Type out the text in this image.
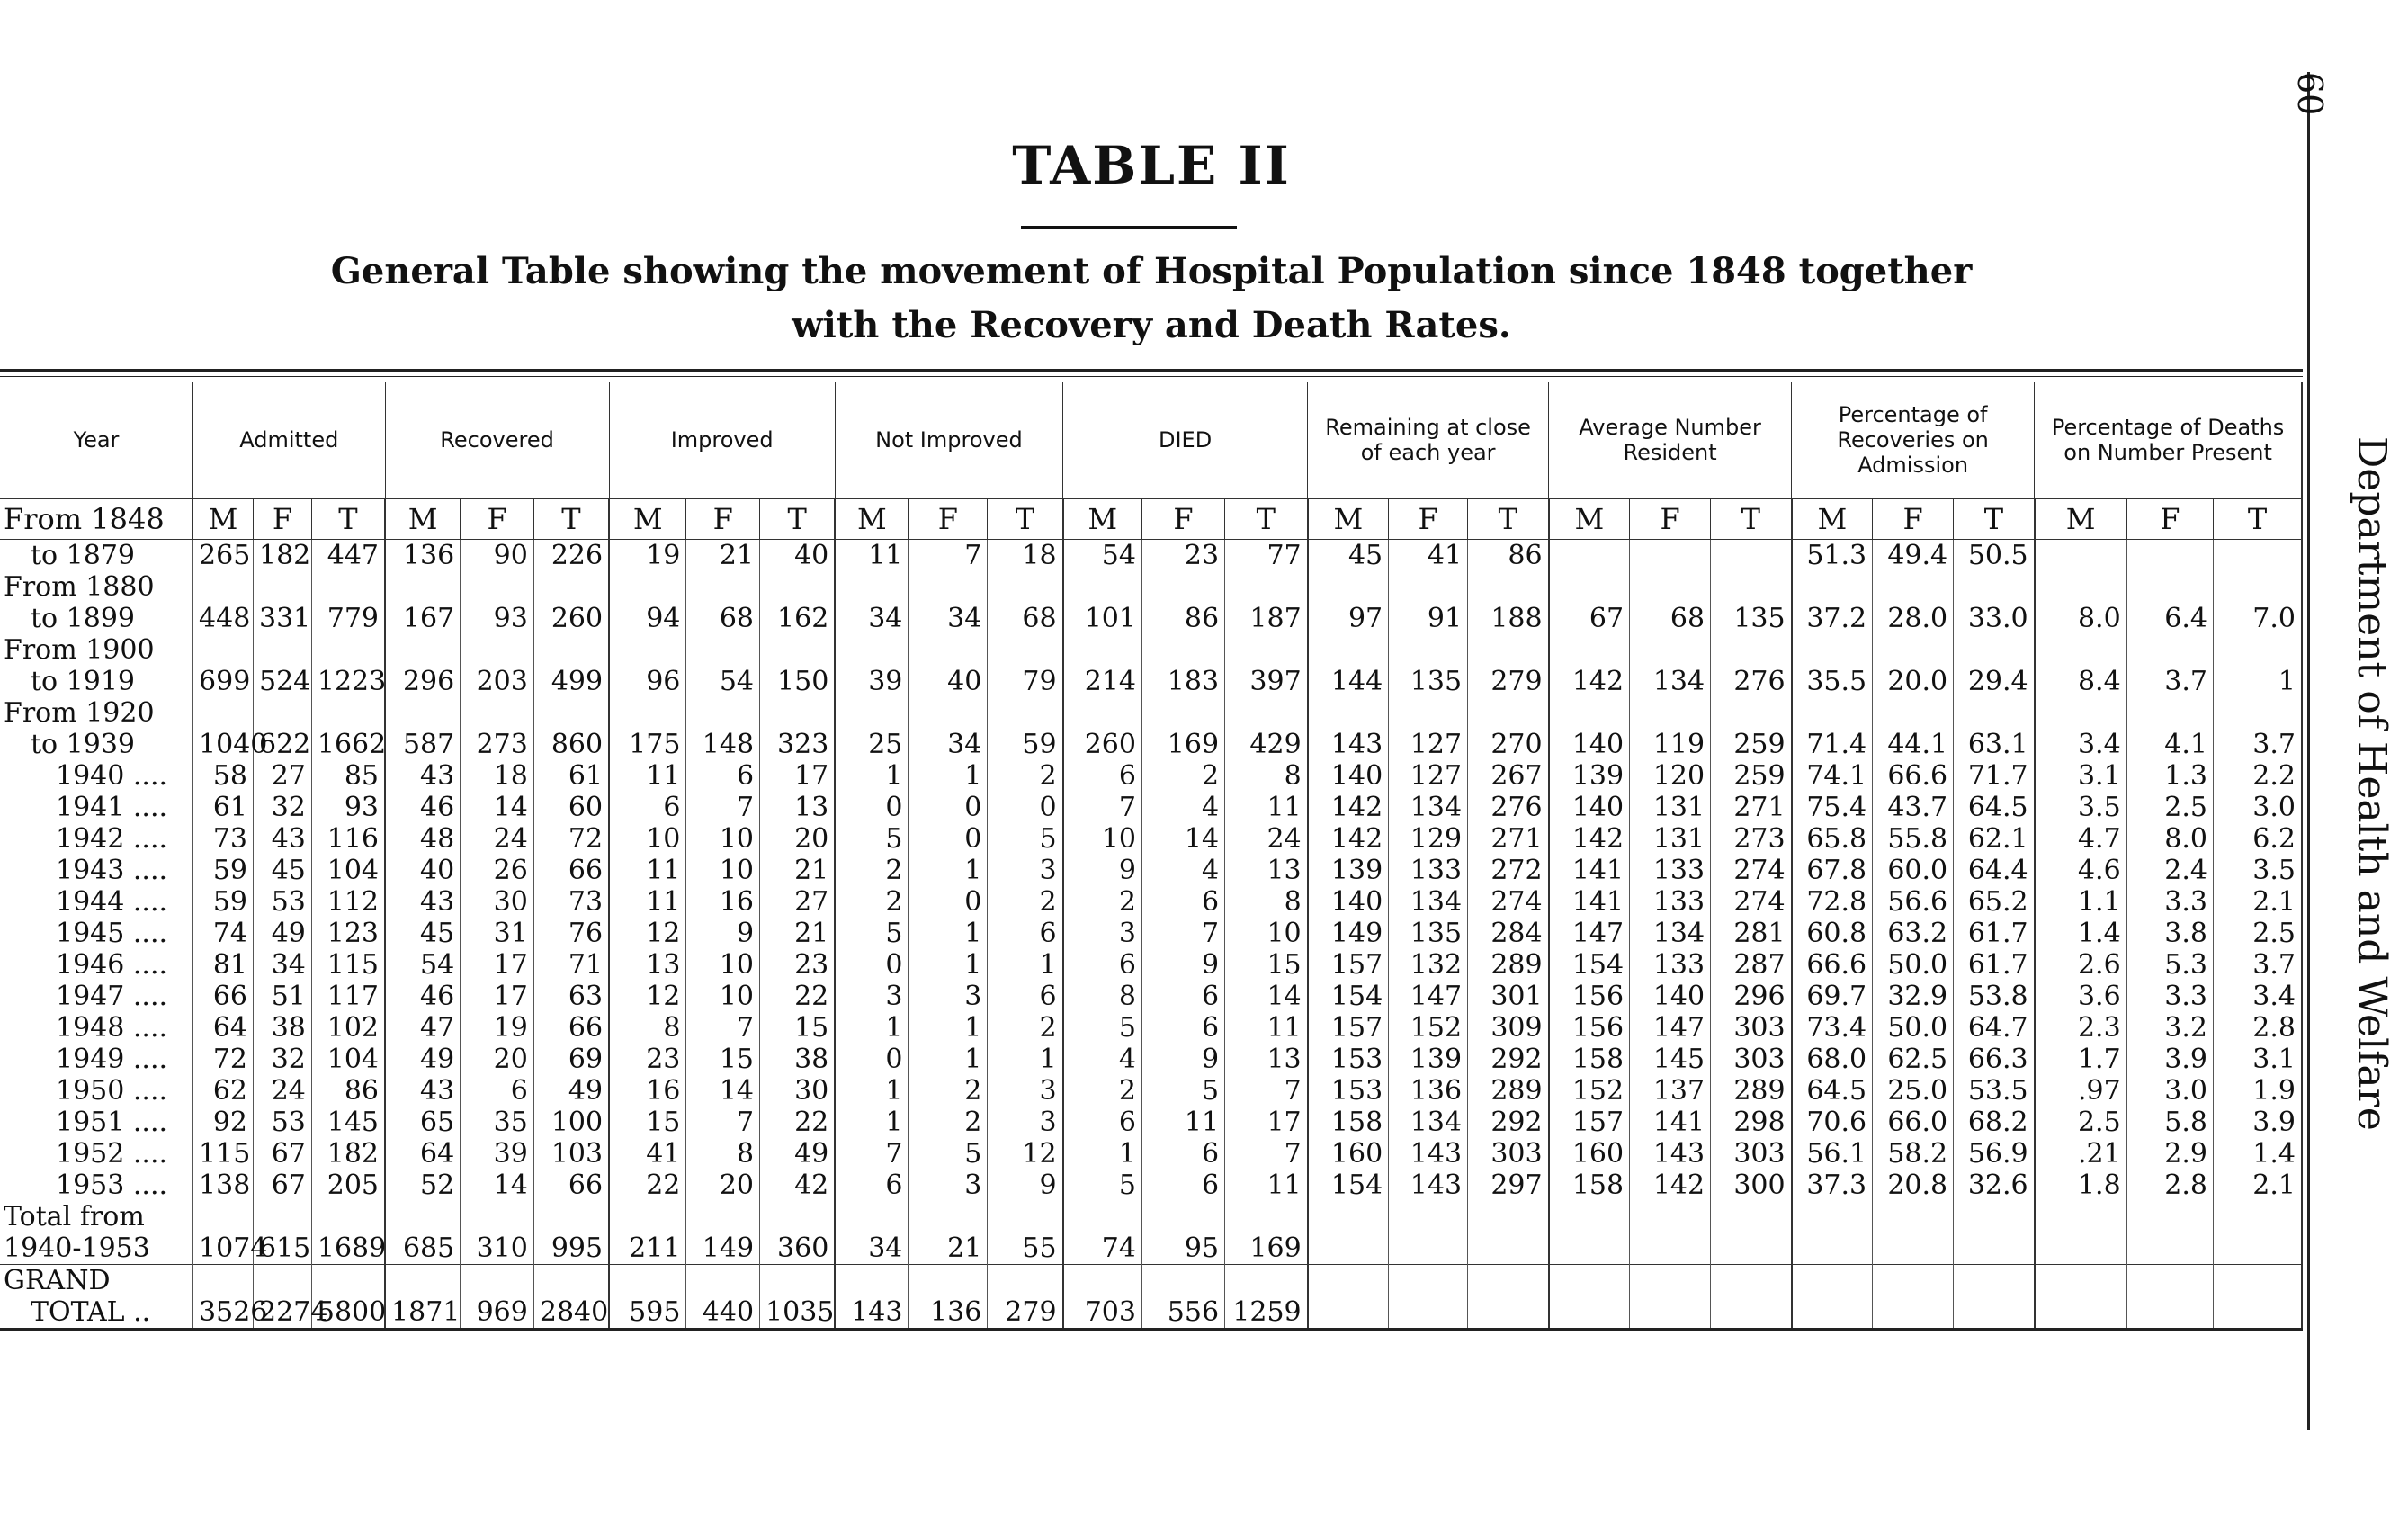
TABLE II
General Table showing the movement of Hospital Population since 1848 together with the Recovery and Death Rates.
60
Department of Health and Welfare
Year	Admitted			Recovered			Improved			Not Improved			DIED			Remaining at close of each year			Average Number Resident			Percentage of Recoveries on Admission			Percentage of Deaths on Number Present		
From 1848	M	F	T	M	F	T	M	F	T	M	F	T	M	F	T	M	F	T	M	F	T	M	F	T	M	F	T
to 1879	265	182	447	136	90	226	19	21	40	11	7	18	54	23	77	45	41	86				51.3	49.4	50.5			
From 1880																											
to 1899	448	331	779	167	93	260	94	68	162	34	34	68	101	86	187	97	91	188	67	68	135	37.2	28.0	33.0	8.0	6.4	7.0
From 1900																											
to 1919	699	524	1223	296	203	499	96	54	150	39	40	79	214	183	397	144	135	279	142	134	276	35.5	20.0	29.4	8.4	3.7	1
From 1920																											
to 1939	1040	622	1662	587	273	860	175	148	323	25	34	59	260	169	429	143	127	270	140	119	259	71.4	44.1	63.1	3.4	4.1	3.7
1940 ....	58	27	85	43	18	61	11	6	17	1	1	2	6	2	8	140	127	267	139	120	259	74.1	66.6	71.7	3.1	1.3	2.2
1941 ....	61	32	93	46	14	60	6	7	13	0	0	0	7	4	11	142	134	276	140	131	271	75.4	43.7	64.5	3.5	2.5	3.0
1942 ....	73	43	116	48	24	72	10	10	20	5	0	5	10	14	24	142	129	271	142	131	273	65.8	55.8	62.1	4.7	8.0	6.2
1943 ....	59	45	104	40	26	66	11	10	21	2	1	3	9	4	13	139	133	272	141	133	274	67.8	60.0	64.4	4.6	2.4	3.5
1944 ....	59	53	112	43	30	73	11	16	27	2	0	2	2	6	8	140	134	274	141	133	274	72.8	56.6	65.2	1.1	3.3	2.1
1945 ....	74	49	123	45	31	76	12	9	21	5	1	6	3	7	10	149	135	284	147	134	281	60.8	63.2	61.7	1.4	3.8	2.5
1946 ....	81	34	115	54	17	71	13	10	23	0	1	1	6	9	15	157	132	289	154	133	287	66.6	50.0	61.7	2.6	5.3	3.7
1947 ....	66	51	117	46	17	63	12	10	22	3	3	6	8	6	14	154	147	301	156	140	296	69.7	32.9	53.8	3.6	3.3	3.4
1948 ....	64	38	102	47	19	66	8	7	15	1	1	2	5	6	11	157	152	309	156	147	303	73.4	50.0	64.7	2.3	3.2	2.8
1949 ....	72	32	104	49	20	69	23	15	38	0	1	1	4	9	13	153	139	292	158	145	303	68.0	62.5	66.3	1.7	3.9	3.1
1950 ....	62	24	86	43	6	49	16	14	30	1	2	3	2	5	7	153	136	289	152	137	289	64.5	25.0	53.5	.97	3.0	1.9
1951 ....	92	53	145	65	35	100	15	7	22	1	2	3	6	11	17	158	134	292	157	141	298	70.6	66.0	68.2	2.5	5.8	3.9
1952 ....	115	67	182	64	39	103	41	8	49	7	5	12	1	6	7	160	143	303	160	143	303	56.1	58.2	56.9	.21	2.9	1.4
1953 ....	138	67	205	52	14	66	22	20	42	6	3	9	5	6	11	154	143	297	158	142	300	37.3	20.8	32.6	1.8	2.8	2.1
Total from																											
1940-1953	1074	615	1689	685	310	995	211	149	360	34	21	55	74	95	169												
GRAND																											
TOTAL ..	3526	2274	5800	1871	969	2840	595	440	1035	143	136	279	703	556	1259												
